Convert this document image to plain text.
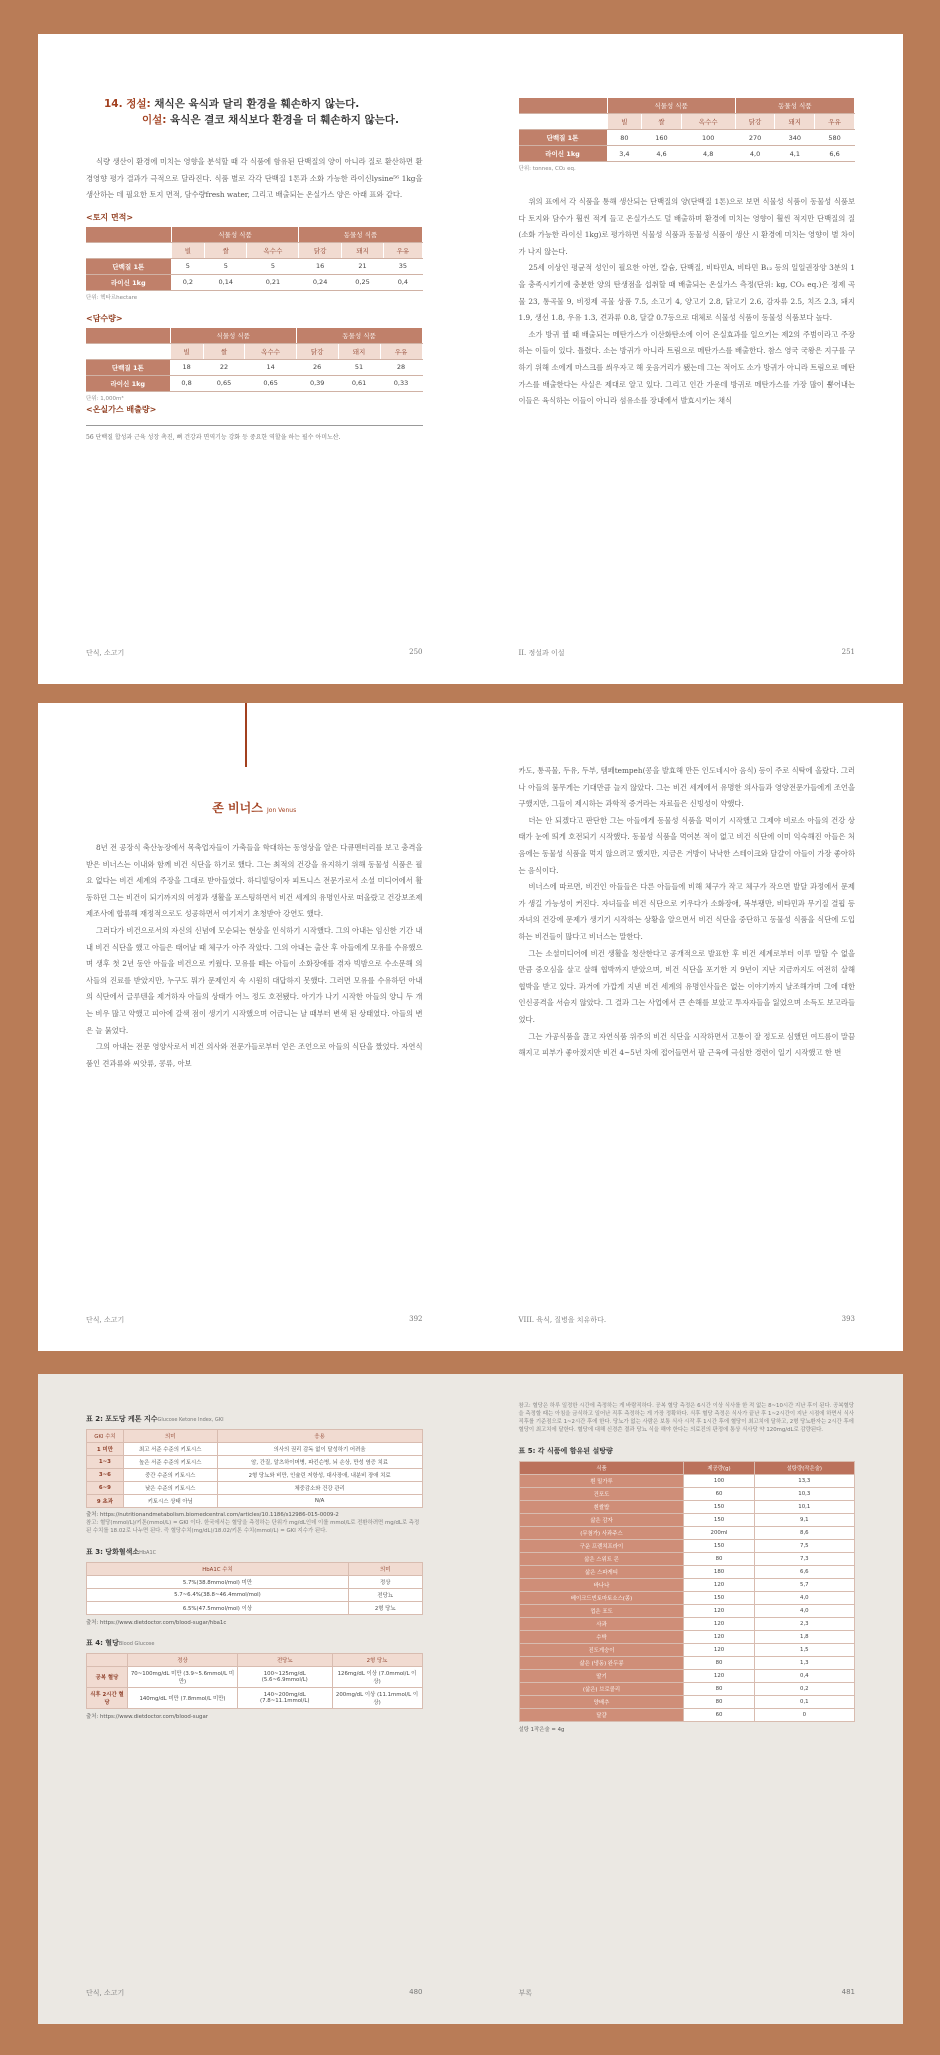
14. 정설: 채식은 육식과 달리 환경을 훼손하지 않는다.
이설: 육식은 결코 채식보다 환경을 더 훼손하지 않는다.

식량 생산이 환경에 미치는 영향을 분석할 때 각 식품에 함유된 단백질의 양이 아니라 질로 환산하면 환경영향 평가 결과가 극적으로 달라진다. 식품 별로 각각 단백질 1톤과 소화 가능한 라이신lysine⁵⁶ 1kg을 생산하는 데 필요한 토지 면적, 담수량fresh water, 그리고 배출되는 온실가스 양은 아래 표와 같다.

<토지 면적>
	식물성 식품			동물성 식품		
	빌	쌀	옥수수	닭강	돼지	우유
단백질 1톤	5	5	5	16	21	35
라이신 1kg	0,2	0,14	0,21	0,24	0,25	0,4
단위: 헥타르hectare
<담수량>
	식물성 식품			동물성 식품		
	빌	쌀	옥수수	닭강	돼지	우유
단백질 1톤	18	22	14	26	51	28
라이신 1kg	0,8	0,65	0,65	0,39	0,61	0,33
단위: 1,000m³
<온실가스 배출량>
56 단백질 합성과 근육 성장 촉진, 뼈 건강과 면역기능 강화 등 중요한 역할을 하는 필수 아미노산.
단식, 소고기	250
	식물성 식품			동물성 식품		
	빌	쌀	옥수수	닭강	돼지	우유
단백질 1톤	80	160	100	270	340	580
라이신 1kg	3,4	4,6	4,8	4,0	4,1	6,6
단위: tonnes, CO₂ eq.

위의 표에서 각 식품을 통해 생산되는 단백질의 양(단백질 1톤)으로 보면 식물성 식품이 동물성 식품보다 토지와 담수가 훨씬 적게 들고 온실가스도 덜 배출하며 환경에 미치는 영향이 훨씬 적지만 단백질의 질(소화 가능한 라이신 1kg)로 평가하면 식물성 식품과 동물성 식품이 생산 시 환경에 미치는 영향이 별 차이가 나지 않는다.

25세 이상인 평균적 성인이 필요한 아연, 칼슘, 단백질, 비타민A, 비타민 B₁₂ 등의 일일권장양 3분의 1을 충족시키기에 충분한 양의 탄생점을 섭취할 때 배출되는 온실가스 측정(단위: kg, CO₂ eq.)은 정제 곡물 23, 통곡물 9, 비정제 곡물 상품 7.5, 소고기 4, 양고기 2.8, 닭고기 2.6, 감자류 2.5, 치즈 2.3, 돼지 1.9, 생선 1.8, 우유 1.3, 견과류 0.8, 달걀 0.7등으로 대체로 식물성 식품이 동물성 식품보다 높다.

소가 방귀 뀔 때 배출되는 메탄가스가 이산화탄소에 이어 온실효과를 일으키는 제2의 주범이라고 주장하는 이들이 있다. 틀렸다. 소는 방귀가 아니라 트림으로 메탄가스를 배출한다. 참스 영국 국왕은 지구를 구하기 위해 소에게 마스크를 씌우자고 해 웃음거리가 됐는데 그는 적어도 소가 방귀가 아니라 트림으로 메탄가스를 배출한다는 사실은 제대로 알고 있다. 그리고 인간 가운데 방귀로 메탄가스를 가장 많이 뿜어내는 이들은 육식하는 이들이 아니라 섬유소를 장내에서 발효시키는 채식

II. 정설과 이설	251
존 비너스 Jon Venus

8년 전 공장식 축산농장에서 목축업자들이 가축들을 학대하는 동영상을 알은 다큐멘터리를 보고 충격을 받은 비너스는 이내와 함께 비건 식단을 하기로 했다. 그는 최적의 건강을 유지하기 위해 동물성 식품은 필요 없다는 비건 세계의 주장을 그대로 받아들였다. 하디빌딩이자 피트니스 전문가로서 소셜 미디어에서 활동하던 그는 비건이 되기까지의 여정과 생활을 포스팅하면서 비건 세계의 유명인사로 떠올랐고 건강보조제 제조사에 합류해 재정적으로도 성공하면서 여기저기 초청받아 강연도 했다.

그러다가 비건으로서의 자신의 신념에 모순되는 현상을 인식하기 시작했다. 그의 아내는 임신한 기간 내내 비건 식단을 했고 아들은 태어날 때 체구가 아주 작았다. 그의 아내는 출산 후 아들에게 모유를 수유했으며 생후 첫 2년 동안 아들을 비건으로 키웠다. 모유를 떼는 아들이 소화장애를 겪자 빅밤으로 수소문해 의사들의 진료를 받았지만, 누구도 뭐가 문제인지 속 시원히 대답하지 못했다. 그러면 모유를 수유하던 아내의 식단에서 글루텐을 제거하자 아들의 상태가 어느 정도 호전됐다. 아기가 나기 시작한 아들의 양니 두 개는 비우 많고 약했고 피아에 갈색 점이 생기기 시작했으며 어금니는 날 때부터 변색 된 상태였다. 아들의 변은 늘 묽었다.

그의 아내는 전문 영양사로서 비건 의사와 전문가들로부터 얻은 조언으로 아들의 식단을 짰었다. 자연식품인 견과류와 씨앗류, 콩류, 아보

단식, 소고기	392

카도, 통곡물, 두유, 두부, 템페tempeh(콩을 발효해 만든 인도네시아 음식) 등이 주로 식탁에 올랐다. 그러나 아들의 뭄무게는 기대만큼 늘지 않았다. 그는 비건 세계에서 유명한 의사들과 영양전문가들에게 조언을 구했지만, 그들이 제시하는 과학적 증거라는 자료들은 신빙성이 약했다.

더는 안 되겠다고 판단한 그는 아들에게 동물성 식품을 먹이기 시작했고 그제야 비로소 아들의 건강 상태가 눈에 띄게 호전되기 시작했다. 동물성 식품을 먹여본 적이 없고 비건 식단에 이미 익숙해진 아들은 처음에는 동물성 식품을 먹지 않으려고 했지만, 지금은 거방이 낙낙한 스테이크와 달걀이 아들이 가장 좋아하는 음식이다.

비너스에 따르면, 비건인 아들들은 다른 아들들에 비해 체구가 작고 체구가 작으면 발달 과정에서 문제가 생길 가능성이 커진다. 자녀들을 비건 식단으로 키우다가 소화장애, 복부팽만, 비타민과 무기질 결핍 등 자녀의 건강에 문제가 생기기 시작하는 상황을 알으면서 비건 식단을 중단하고 동물성 식품을 식단에 도입하는 비건들이 많다고 비너스는 말한다.

그는 소셜미디어에 비건 생활을 청산한다고 공개적으로 발표한 후 비건 세계로부터 이루 말할 수 없을 만큼 중오심을 살고 살해 협박까지 받았으며, 비건 식단을 포기한 지 9년이 지난 지금까지도 여전히 살해 협박을 받고 있다. 과거에 가깝게 지낸 비건 세계의 유명인사들은 없는 이야기까지 날조해가며 그에 대한 인신공격을 서슴지 않았다. 그 결과 그는 사업에서 큰 손해를 보았고 투자자들을 잃었으며 소득도 보고라들었다.

그는 가공식품을 끊고 자연식품 위주의 비건 식단을 시작하면서 고통이 잘 정도로 심했던 여드름이 말끔해지고 피부가 좋아졌지만 비건 4~5년 차에 접어들면서 팔 근육에 극심한 경련이 일기 시작했고 한 번

VIII. 육식, 질병을 치유하다.	393
표 2: 포도당 케톤 지수Glucose Ketone Index, GKI
GKI 수치	의미	응용
1 미만	최고 서준 수준의 키토시스	의사의 권리 감독 없이 달성하기 어려움
1~3	높은 서준 수준의 키토시스	암, 간질, 알츠하이머병, 파킨슨병, 뇌 손상, 만성 염증 치료
3~6	중간 수준의 키토시스	2형 당뇨와 비만, 인슐린 저항성, 대사장애, 내분비 장애 치료
6~9	낮은 수준의 키토시스	체중감소와 건강 관리
9 초과	키토시스 상태 아님	N/A
출처: https://nutritionandmetabolism.biomedcentral.com/articles/10.1186/s12986-015-0009-2
참고: 혈당(mmol/L)/키톤(mmol/L) = GKI 이다. 한국에서는 혈당을 측정하는 단위가 mg/dL인데 이를 mmol/L로 전환하려면 mg/dL로 측정된 수치를 18.02로 나누면 된다. 즉 혈당수치(mg/dL)/18.02/키톤 수치(mmol/L) = GKI 지수가 된다.
표 3: 당화혈색소HbA1C
HbA1C 수치	의미
5.7%(38.8mmol/mol) 미만	정상
5.7~6.4%(38.8~46.4mmol/mol)	전당뇨
6.5%(47.5mmol/mol) 이상	2형 당뇨
출처: https://www.dietdoctor.com/blood-sugar/hba1c
표 4: 혈당Blood Glucose
	정상	전당뇨	2형 당뇨
공복 혈당	70~100mg/dL 미만 (3.9~5.6mmol/L 미만)	100~125mg/dL (5.6~6.9mmol/L)	126mg/dL 이상 (7.0mmol/L 이상)
식후 2시간 혈당	140mg/dL 미만 (7.8mmol/L 미만)	140~200mg/dL (7.8~11.1mmol/L)	200mg/dL 이상 (11.1mmol/L 이상)
출처: https://www.dietdoctor.com/blood-sugar
단식, 소고기	480
참고: 혈당은 하루 일정한 시간에 측정하는 게 바람직하다. 공복 혈당 측정은 6시간 이상 식사를 한 적 없는 8~10시간 지난 후이 된다. 공복혈당을 측정할 때는 아침을 금식하고 일어난 직후 측정하는 게 가장 정확하다. 식후 혈당 측정은 식사가 끝난 후 1~2시간이 지난 시점에 하면서 식사 직후를 기준점으로 1~2시간 후에 한다. 당뇨가 없는 사람은 보통 식사 시작 후 1시간 후에 혈당이 최고치에 달하고, 2형 당뇨환자는 2시간 후에 혈당이 최고치에 달한다. 혈당에 대해 신경쓴 결과 당뇨 식을 해야 한다는 의료진의 판정에 통상 식사당 약 120mg/dL로 감량된다.
표 5: 각 식품에 함유된 설탕량
식품	제공량(g)	설탕량(작은술)
흰 밀가루	100	13,3
건포도	60	10,3
흰쌀밥	150	10,1
삶은 감자	150	9,1
(무첨가) 사과주스	200ml	8,6
구운 프렌치프라이	150	7,5
삶은 스위트 콘	80	7,3
삶은 스파게티	180	6,6
바나나	120	5,7
베이크드빈토마토소스(콩)	150	4,0
껍은 포도	120	4,0
사과	120	2,3
수박	120	1,8
진도게숭이	120	1,5
삶은 (냉동) 완두콩	80	1,3
딸기	120	0,4
(삶은) 브로콜리	80	0,2
양배추	80	0,1
달걀	60	0
설탕 1작은술 = 4g
부록	481
